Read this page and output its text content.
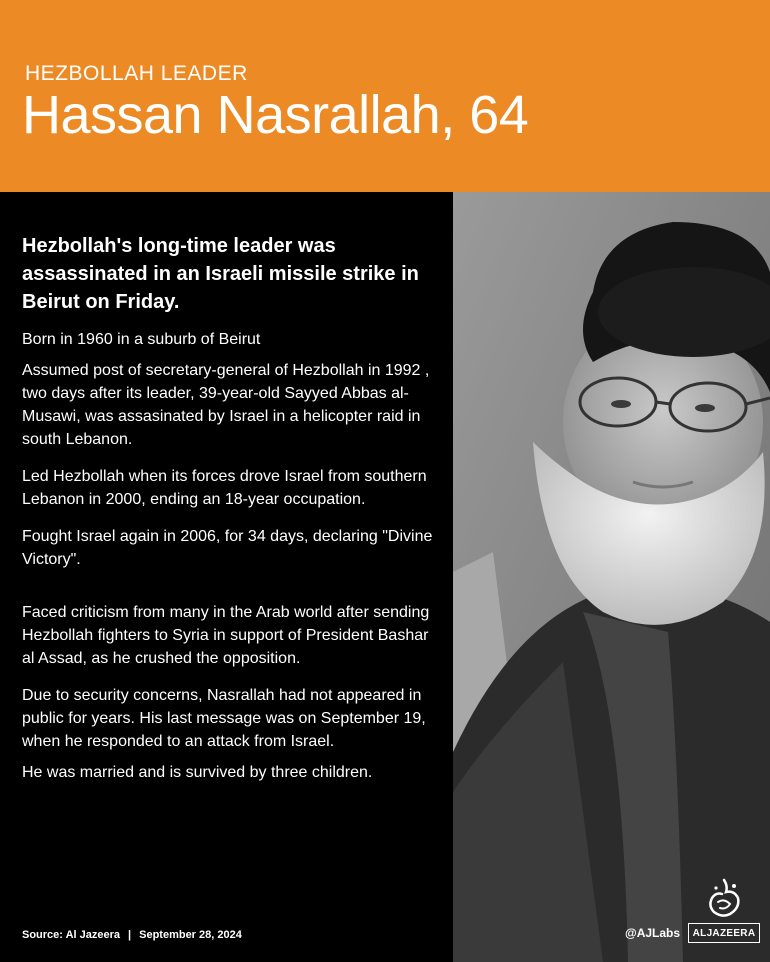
HEZBOLLAH LEADER
Hassan Nasrallah, 64
Hezbollah's long-time leader was assassinated in an Israeli missile strike in Beirut on Friday.

Born in 1960 in a suburb of Beirut

Assumed post of secretary-general of Hezbollah in 1992 , two days after its leader, 39-year-old Sayyed Abbas al-Musawi, was assasinated by Israel in a helicopter raid in south Lebanon.

Led Hezbollah when its forces drove Israel from southern Lebanon in 2000, ending an 18-year occupation.

Fought Israel again in 2006, for 34 days, declaring "Divine Victory".

Faced criticism from many in the Arab world after sending Hezbollah fighters to Syria in support of President Bashar al Assad, as he crushed the opposition.

Due to security concerns, Nasrallah had not appeared in public for years. His last message was on September 19, when he responded to an attack from Israel.

He was married and is survived by three children.

Source: Al Jazeera | September 28, 2024	@AJLabs ALJAZEERA
